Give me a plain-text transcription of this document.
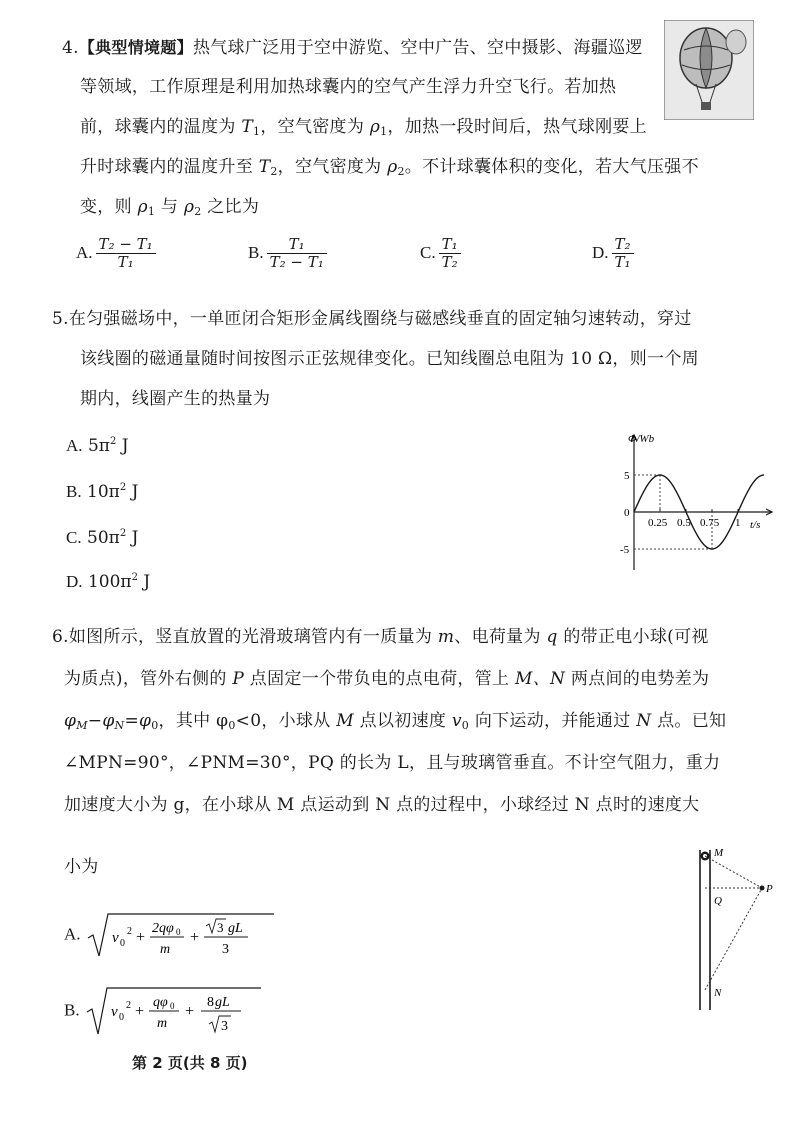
4.【典型情境题】热气球广泛用于空中游览、空中广告、空中摄影、海疆巡逻
等领域，工作原理是利用加热球囊内的空气产生浮力升空飞行。若加热
前，球囊内的温度为 $T_1$，空气密度为 $\rho_1$，加热一段时间后，热气球刚要上
升时球囊内的温度升至 $T_2$，空气密度为 $\rho_2$。不计球囊体积的变化，若大气压强不
变，则 $\rho_1$ 与 $\rho_2$ 之比为
A. $\frac{\text{T₂ − T₁}}{\text{T₁}}$	B. $\frac{\text{T₁}}{\text{T₂ − T₁}}$	C. $\frac{\text{T₁}}{\text{T₂}}$	D. $\frac{\text{T₂}}{\text{T₁}}$
5.在匀强磁场中，一单匝闭合矩形金属线圈绕与磁感线垂直的固定轴匀速转动，穿过
该线圈的磁通量随时间按图示正弦规律变化。已知线圈总电阻为 10 Ω，则一个周
期内，线圈产生的热量为
A. $5\pi^2$ J
B. $10\pi^2$ J
C. $50\pi^2$ J
D. $100\pi^2$ J
Φ/Wb
t/s
5
0
-5
0.25 0.5 0.75 1
6.如图所示，竖直放置的光滑玻璃管内有一质量为 m、电荷量为 q 的带正电小球(可视
为质点)，管外右侧的 P 点固定一个带负电的点电荷，管上 M、N 两点间的电势差为
$\varphi_M-\varphi_N=\varphi_0$，其中 $\varphi_0<0$，小球从 M 点以初速度 $v_0$ 向下运动，并能通过 N 点。已知
∠MPN=90°，∠PNM=30°，PQ 的长为 L，且与玻璃管垂直。不计空气阻力，重力
加速度大小为 g，在小球从 M 点运动到 N 点的过程中，小球经过 N 点时的速度大
小为
A. v 0
2 +
2qφ 0
m
+
3 gL
3
B. v 0
2 +
qφ 0
m
+
8 gL
3
M
P
Q
N
第 2 页(共 8 页)
